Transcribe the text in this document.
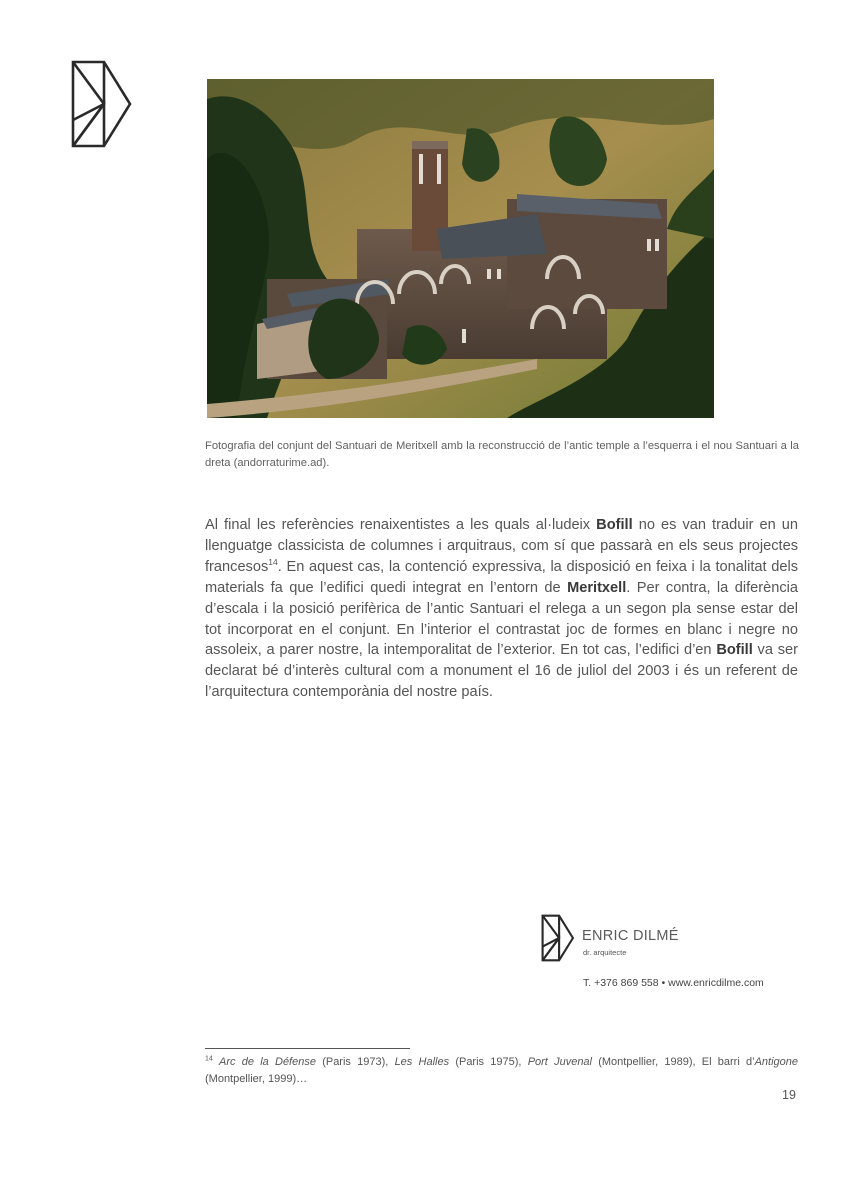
Fotografia del conjunt del Santuari de Meritxell amb la reconstrucció de l’antic temple a l’esquerra i el nou Santuari a la dreta (andorraturime.ad).
Al final les referències renaixentistes a les quals al·ludeix Bofill no es van traduir en un llenguatge classicista de columnes i arquitraus, com sí que passarà en els seus projectes francesos$^{14}$. En aquest cas, la contenció expressiva, la disposició en feixa i la tonalitat dels materials fa que l’edifici quedi integrat en l’entorn de Meritxell. Per contra, la diferència d’escala i la posició perifèrica de l’antic Santuari el relega a un segon pla sense estar del tot incorporat en el conjunt. En l’interior el contrastat joc de formes en blanc i negre no assoleix, a parer nostre, la intemporalitat de l’exterior. En tot cas, l’edifici d’en Bofill va ser declarat bé d’interès cultural com a monument el 16 de juliol del 2003 i és un referent de l’arquitectura contemporània del nostre país.
ENRIC DILMÉ
dr. arquitecte
T. +376 869 558 • www.enricdilme.com
$^{14}$ Arc de la Défense (Paris 1973), Les Halles (Paris 1975), Port Juvenal (Montpellier, 1989), El barri d’Antigone (Montpellier, 1999)…
19
